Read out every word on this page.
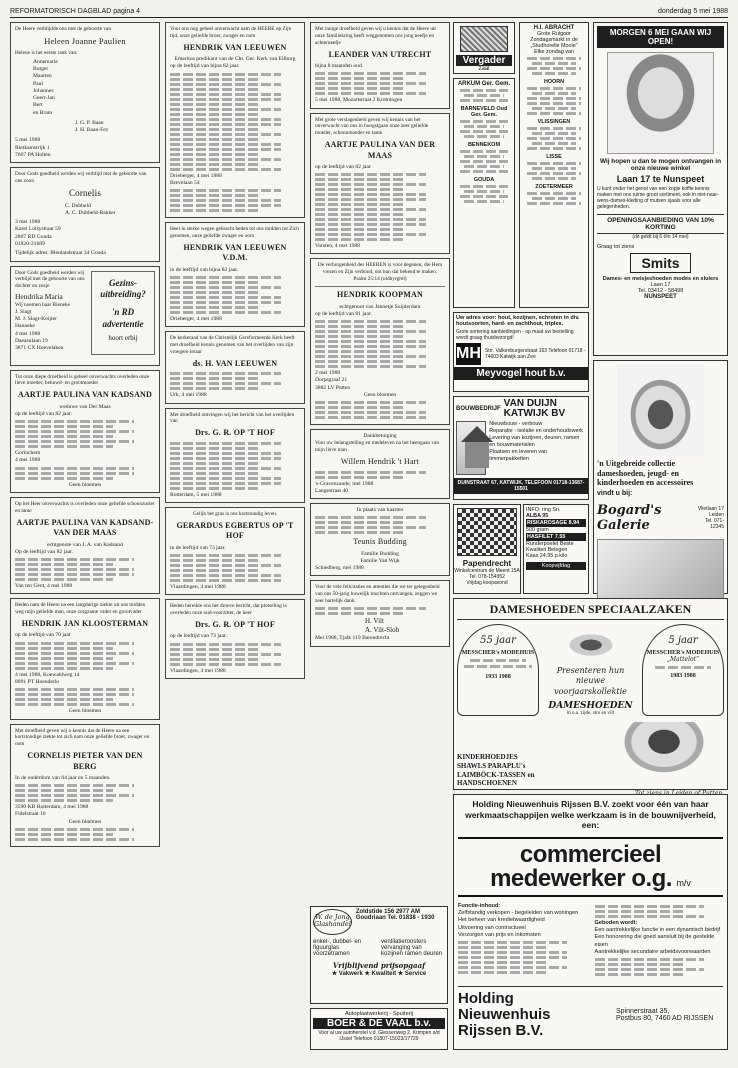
REFORMATORISCH DAGBLAD pagina 4	donderdag 5 mei 1988
De Heere verblijdde ons met de geboorte van
Heleen Joanne Paulien
Helene is het eerste rank van:
Annemarie
Rutger
Maarten
Paul
Johannes
Geert-Jan
Bert
en Bram
J. G. P. Baan
J. H. Baan-Fey
5 mei 1988
Rietkamstrijk 1
7607 PA Holten
Door Gods goedheid werden wij verblijd met de geboorte van ons zoon
Cornelis
C. Dubbeld
A. C. Dubbeld-Bakker
3 mei 1988
Karel Lotsystraat 59
2807 RD Gouda
01820-21689
Tijdelijk adres: Bleulandstraat 34 Gouda
Door Gods goedheid werden wij verblijd met de geboorte van ons dochter en zusje
Hendrika Maria
Wij noemen haar Rieneke
J. Slagt
M. J. Slagt-Koijter
Hanneke
4 mei 1988
Daeasulaan 19
3871 CX Hoevelaken
Gezins-
uitbreiding?
'n RD
advertentie
hoort erbij
Tot onze diepe droefheid is geheel onverwachts overleden onze lieve moeder, behuwd- en grootmoeder
AARTJE PAULINA VAN KADSAND
weduwe van Der Maas
op de leeftijd van 82 jaar.
Gorinchem
4 mei 1988
Geen bloemen
Op het Heer onverwachts is overleden onze geliefde schoonzuster en tante
AARTJE PAULINA VAN KADSAND-VAN DER MAAS
echtgenote van J. A. van Kadsand
Op de leeftijd van 82 jaar.
Van ten Gent, 4 mei 1988
Heden nam de Heere na een langdurige ziekte uit ons midden weg mijn geliefde man, onze zorgzame vader en grootvader
HENDRIK JAN KLOOSTERMAN
op de leeftijd van 70 jaar
4 mei 1988, Koewahlweg 14
8091 PT Hoenderlo
Geen bloemen
Met droefheid geven wij u kennis dat de Heere na een kortstondige ziekte tot zich nam onze geliefde broer, zwager en oom
CORNELIS PIETER VAN DEN BERG
In de ouderdom van 84 jaar en 5 maanden.
3590 KB Rotterdam, 4 mei 1988
Fidelstraat 10
Geen bloemen
Voor ons nog geheel onverwacht nam de HEERE op Zijn tijd, onze geliefde broer, zwager en oom
HENDRIK VAN LEEUWEN
Emeritus predikant van de Chr. Ger. Kerk van Ellburg
op de leeftijd van bijna 82 jaar.
Drieberger, 4 mei 1988
Brevelaan 54
Heel in sterke wegen gebracht heden tot ons midden tot Zich genomen, onze geliefde zwager en oom
HENDRIK VAN LEEUWEN V.D.M.
in de leeftijd van bijna 82 jaar.
Drieberger, 4 mei 1988
De kerkeraad van de Christelijk Gereformeerde Kerk heeft met droefheid kennis genomen van het overlijden van zijn vroegere leraar
ds. H. VAN LEEUWEN
Urk, 4 mei 1988
Met droefheid ontvingen wij het bericht van het overlijden van
Drs. G. R. OP 'T HOF
Rotterdam, 5 mei 1988
Gelijk het gras is ons kortstondig leven.
GERARDUS EGBERTUS OP 'T HOF
in de leeftijd van 73 jaar.
Vlaardingen, 4 mei 1988
Heden bereikte ons het droeve bericht, dat plotseling is overleden onze oud-voorzitter, de heer
Drs. G. R. OP 'T HOF
op de leeftijd van 73 jaar.
Vlaardingen, 4 mei 1988
Met innige droefheid geven wij u kennis dat de Heere uit onze familiekring heeft weggenomen ons jong neefje en achterneefje
LEANDER VAN UTRECHT
bijna 8 maanden oud.
5 mei 1988, Mozartstraat 2 Krotningen
Met grote verslagenheid geven wij kennis van het onverwacht van ons in hoogstgaan onze zeer geliefde moeder, schoonmoeder en tante
AARTJE PAULINA VAN DER MAAS
op de leeftijd van 82 jaar
Vorsten, 4 mei 1988
De verborgenheid des HEEREN is voor degenen, die Hem vrezen en Zijn verbond, om hun dat bekend te maken.
Psalm 25:14 (oldbyrgrel)
HENDRIK KOOPMAN
echtgenoot van Jannetje Suijderdam
op de leeftijd van 81 jaar.
2 mei 1988
Dorpsgraaf 21
3882 LV Putten
Geen bloemen
Dankbetuiging
Voor uw belangstelling en medeleven na het heengaan van mijn lieve man
Willem Hendrik 't Hart
's-Gravenzande, mei 1988
Langestraat 40
In plaats van kaarten
Teunis Budding
Familie Budding
Familie Van Wijk
Schiedberg, mei 1988
Voor de vele felicitaties en attenties die we ter gelegenheid van ons 50-jarig huwelijk mochten ontvangen, zeggen we zeer hartelijk dank.
H. Vilt
A. Vilt-Slob
Mei 1988, Tjalk 119 Barendrecht
Vergader
zaal
ARKUM Ger. Gem.
BARNEVELD Oud Ger. Gem.
BENNEKOM
GOUDA
H.I. ABRACHT
Grote Ruigoor Zondagsmarkt in de „Studhorelle Mooie”
Elke zondag van
HOORN
VLISSINGEN
LISSE
ZOETERMEER
Uw adres voor: hout, kozijnen, schroten in div. houtsoorten, hard- en zachthout, triplex.
Grote sortering aanbiedingen - op maat uw bestelling wordt graag thuisbezorgd!
MH Strr. Valkenburgerstraat 163 Telefoon 01718 - 74603 Katwijk aan Zee
Meyvogel hout b.v.
BOUWBEDRIJF VAN DUIJN KATWIJK BV
Nieuwbouw - verbouw
Reparatie - isolatie en onderhoudswerk
Levering van kozijnen, deuren, ramen en bouwmaterialen
Plaatsen en leveren van timmerpakketten
DUINSTRAAT 67, KATWIJK, TELEFOON 01718-13687-15501
Papendrecht
Winkelcentrum de Meent 15A
Tel. 078-154952
Vrijdag koopavond
INFO: ring Sn.
ALBA 95
RISKAROSAGE 8.94
500 gram
HASFILET 7.55
Runderpoelet Beste
Kwaliteit Belegen
Kaas 24.95 p.kilo
Koopvijfdag
MORGEN 6 MEI GAAN WIJ OPEN!
Wij hopen u dan te mogen ontvangen in onze nieuwe winkel
Laan 17 te Nunspeet
U kunt onder het genot van een kopje koffie kennis maken met ons ruime groot sortiment, ook in niet-naar-wens-dames-kleding of mutsen sjaals voor alle gelegenheden.
OPENINGSAANBIEDING VAN 10% KORTING
(dit geldt bij 6 t/m 14 mei)
Graag tot ziens
Smits
Dames- en meisjeshoeden modes en sluiers
Laan 17
Tel. 03412 - 58498
NUNSPEET
'n Uitgebreide collectie dameshoeden, jeugd- en kinderhoeden en accessoires
vindt u bij:
Bogard's Galerie
Vlietlaan 17 Leiden
Tel. 071-12345
DAMESHOEDEN SPECIAALZAKEN
55 jaar
MESSCHER's MODEHUIS
1933 1988
Presenteren hun nieuwe voorjaarskollektie
DAMESHOEDEN
in o.a. zijde, stro en vilt
5 jaar
MESSCHER's MODEHUIS
„Mattelot”
1983 1988
KINDERHOEDJES SHAWLS PARAPLU's LAIMBÖCK-TASSEN en HANDSCHOENEN
W. de Jong Glashandel
Zoldstide 156 2977 AM Goudriaan Tel. 01838 - 1930
enkel-, dubbel- en figuurglas
voorzetramen
ventilatieroosters vervanging van kozijnen ramen deuren
Vrijblijvend prijsopgaaf
★ Vakwerk ★ Kwaliteit ★ Service
Autoplaatwerkerij - Spuiterij
BOER & DE VAAL b.v.
Voor al uw autoherstel v.d. Giessenweg 2, Krimpen a/d IJssel Telefoon 01807-15023/17729
Holding Nieuwenhuis Rijssen B.V. zoekt voor één van haar werkmaatschappijen welke werkzaam is in de bouwnijverheid, een:
commercieel medewerker o.g. m/v
Functie-inhoud:
Zelfstandig verkopen - begeleiden van woningen
Het beheer van kredietwaardigheid
Uitvoering van contractueel
Verzorgen van prijs en inkomsten
Geboden wordt:
Een aantrekkelijke functie in een dynamisch bedrijf
Een honorering die goed aansluit bij de gestelde eisen
Aantrekkelijke secundaire arbeidsvoorwaarden
Holding Nieuwenhuis Rijssen B.V.
Spinnerstraat 35,
Postbus 80, 7460 AD RIJSSEN
